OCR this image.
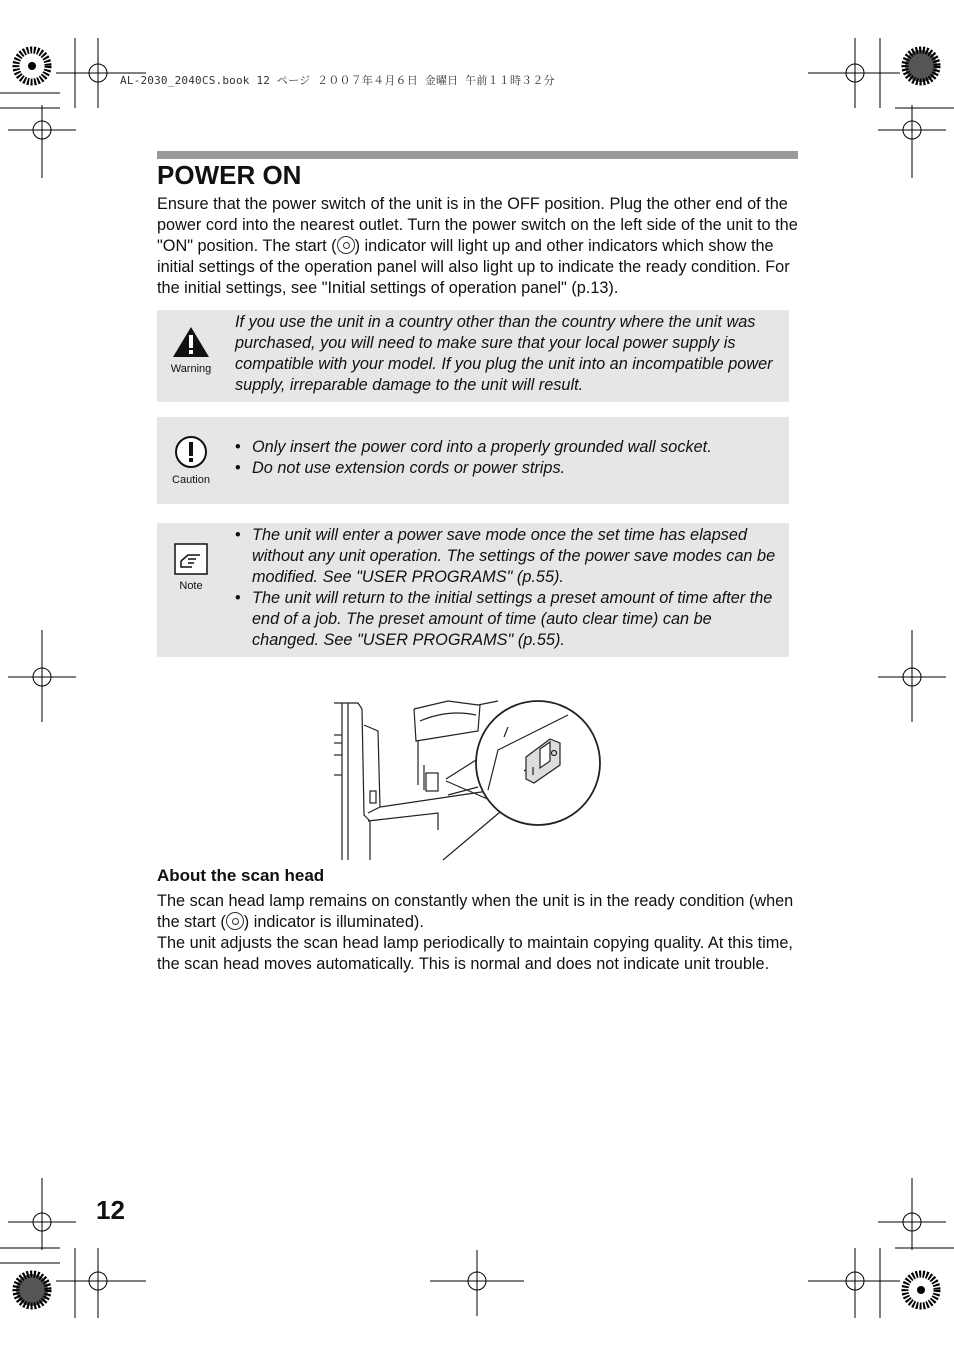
AL-2030_2040CS.book 12 ページ ２００７年４月６日 金曜日 午前１１時３２分
POWER ON

Ensure that the power switch of the unit is in the OFF position. Plug the other end of the power cord into the nearest outlet. Turn the power switch on the left side of the unit to the "ON" position. The start ( ) indicator will light up and other indicators which show the initial settings of the operation panel will also light up to indicate the ready condition. For the initial settings, see "Initial settings of operation panel" (p.13).

Warning
If you use the unit in a country other than the country where the unit was purchased, you will need to make sure that your local power supply is compatible with your model. If you plug the unit into an incompatible power supply, irreparable damage to the unit will result.
Caution
• Only insert the power cord into a properly grounded wall socket.
• Do not use extension cords or power strips.
Note
• The unit will enter a power save mode once the set time has elapsed without any unit operation. The settings of the power save modes can be modified. See "USER PROGRAMS" (p.55).
• The unit will return to the initial settings a preset amount of time after the end of a job. The preset amount of time (auto clear time) can be changed. See "USER PROGRAMS" (p.55).
About the scan head

The scan head lamp remains on constantly when the unit is in the ready condition (when the start ( ) indicator is illuminated).

The unit adjusts the scan head lamp periodically to maintain copying quality. At this time, the scan head moves automatically. This is normal and does not indicate unit trouble.

12
